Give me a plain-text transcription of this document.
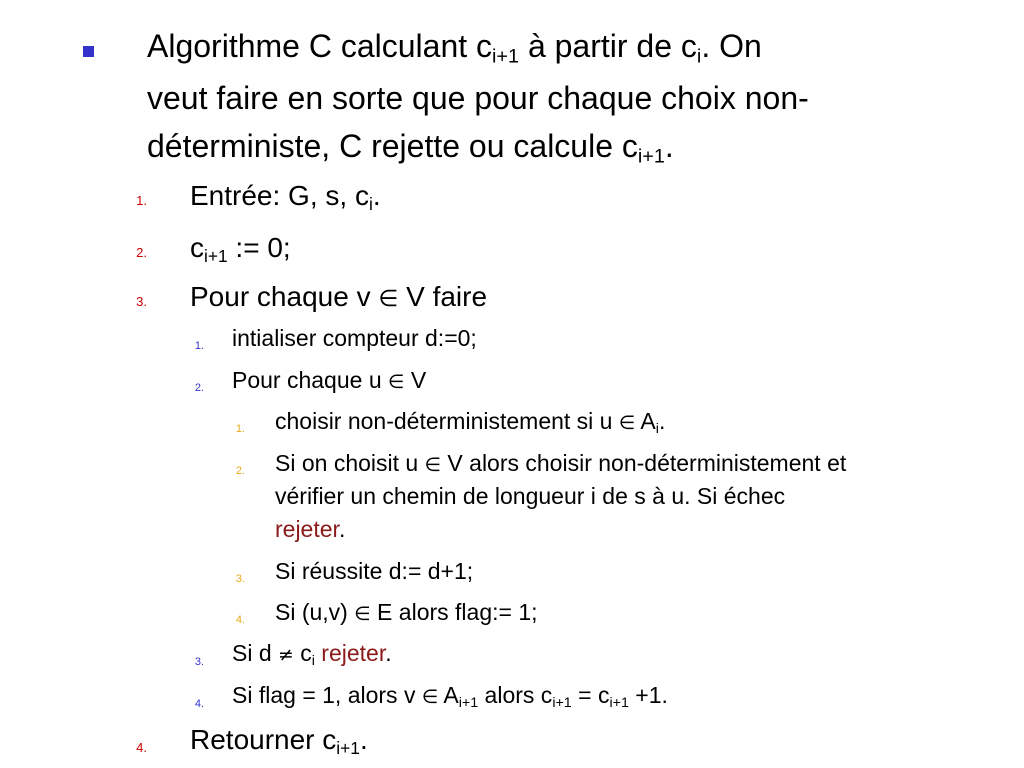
Algorithme C calculant $c_{i+1}$ à partir de $c_i$. On
veut faire en sorte que pour chaque choix non-
déterministe, C rejette ou calcule $c_{i+1}$.
1. Entrée: G, s, $c_i$.
2. $c_{i+1}$ := 0;
3. Pour chaque v ∈ V faire
1. intialiser compteur d:=0;
2. Pour chaque u ∈ V
1. choisir non-déterministement si u ∈ $A_i$.
2. Si on choisit u ∈ V alors choisir non-déterministement et
vérifier un chemin de longueur i de s à u. Si échec
rejeter.
3. Si réussite d:= d+1;
4. Si (u,v) ∈ E alors flag:= 1;
3. Si $d \ne c_i$ rejeter.
4. Si flag = 1, alors v ∈ $A_{i+1}$ alors $c_{i+1} = c_{i+1} +1$.
4. Retourner $c_{i+1}$.
